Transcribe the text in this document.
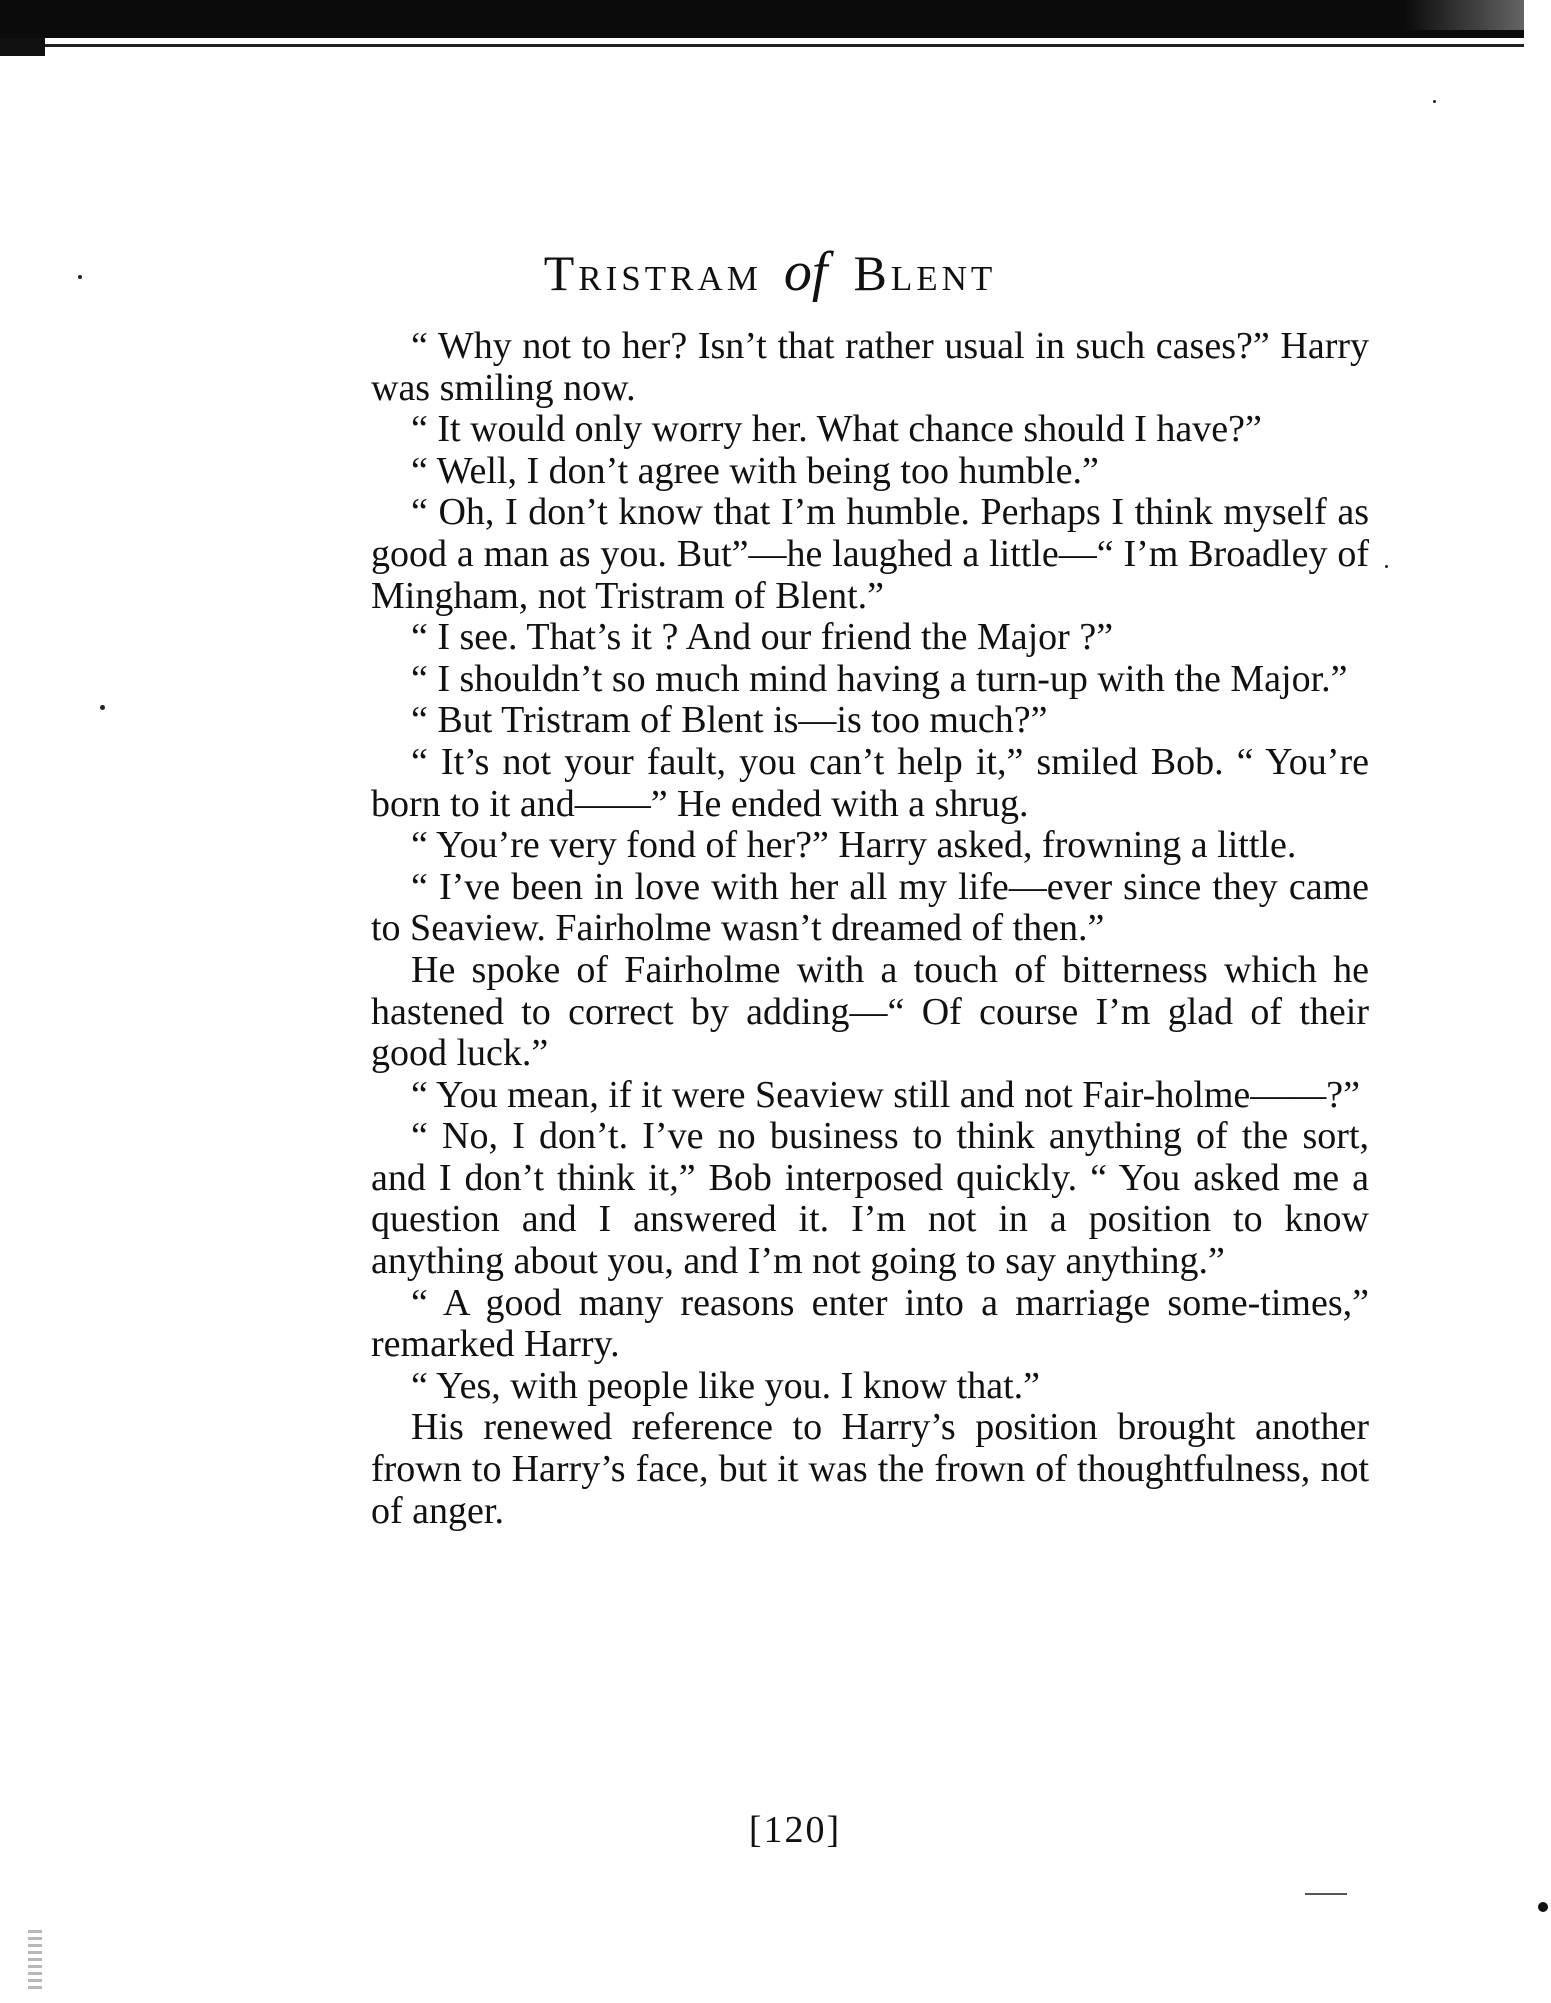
Tristram of Blent

“ Why not to her? Isn’t that rather usual in such cases?” Harry was smiling now.

“ It would only worry her. What chance should I have?”

“ Well, I don’t agree with being too humble.”

“ Oh, I don’t know that I’m humble. Perhaps I think myself as good a man as you. But”—he laughed a little—“ I’m Broadley of Mingham, not Tristram of Blent.”

“ I see. That’s it ? And our friend the Major ?”

“ I shouldn’t so much mind having a turn-up with the Major.”

“ But Tristram of Blent is—is too much?”

“ It’s not your fault, you can’t help it,” smiled Bob. “ You’re born to it and——” He ended with a shrug.

“ You’re very fond of her?” Harry asked, frowning a little.

“ I’ve been in love with her all my life—ever since they came to Seaview. Fairholme wasn’t dreamed of then.”

He spoke of Fairholme with a touch of bitterness which he hastened to correct by adding—“ Of course I’m glad of their good luck.”

“ You mean, if it were Seaview still and not Fair-holme——?”

“ No, I don’t. I’ve no business to think anything of the sort, and I don’t think it,” Bob interposed quickly. “ You asked me a question and I answered it. I’m not in a position to know anything about you, and I’m not going to say anything.”

“ A good many reasons enter into a marriage some-times,” remarked Harry.

“ Yes, with people like you. I know that.”

His renewed reference to Harry’s position brought another frown to Harry’s face, but it was the frown of thoughtfulness, not of anger.

[120]
